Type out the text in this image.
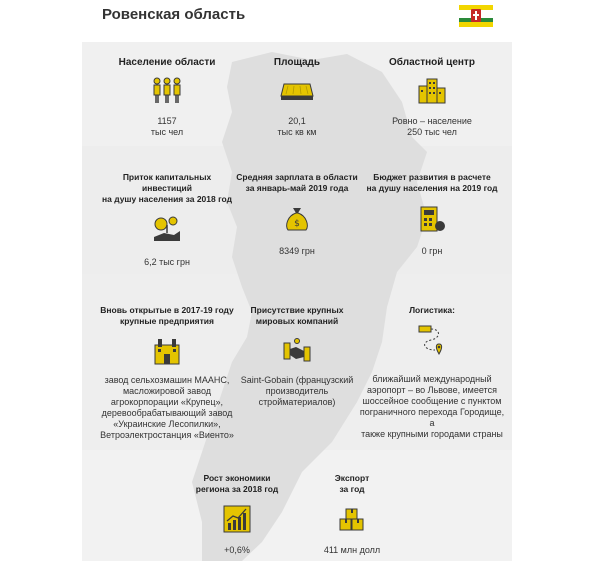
Ровенская область
Население области
1157
тыс чел
Площадь
20,1
тыс кв км
Областной центр
Ровно – население
250 тыс чел
Приток капитальных инвестиций
на душу населения за 2018 год
6,2 тыс грн
Средняя зарплата в области
за январь-май 2019 года
$
8349 грн
Бюджет развития в расчете
на душу населения на 2019 год
0 грн
Вновь открытые в 2017-19 году
крупные предприятия
завод сельхозмашин МААНС,
масложировой завод
агрокорпорации «Крупец»,
деревообрабатывающий завод
«Украинские Лесопилки»,
Ветроэлектростанция «Виенто»
Присутствие крупных
мировых компаний
Saint-Gobain (французский
производитель
стройматериалов)
Логистика:
ближайший международный
аэропорт – во Львове, имеется
шоссейное сообщение с пунктом
пограничного перехода Городище, а
также крупными городами страны
Рост экономики
региона за 2018 год
+0,6%
Экспорт
за год
411 млн долл
